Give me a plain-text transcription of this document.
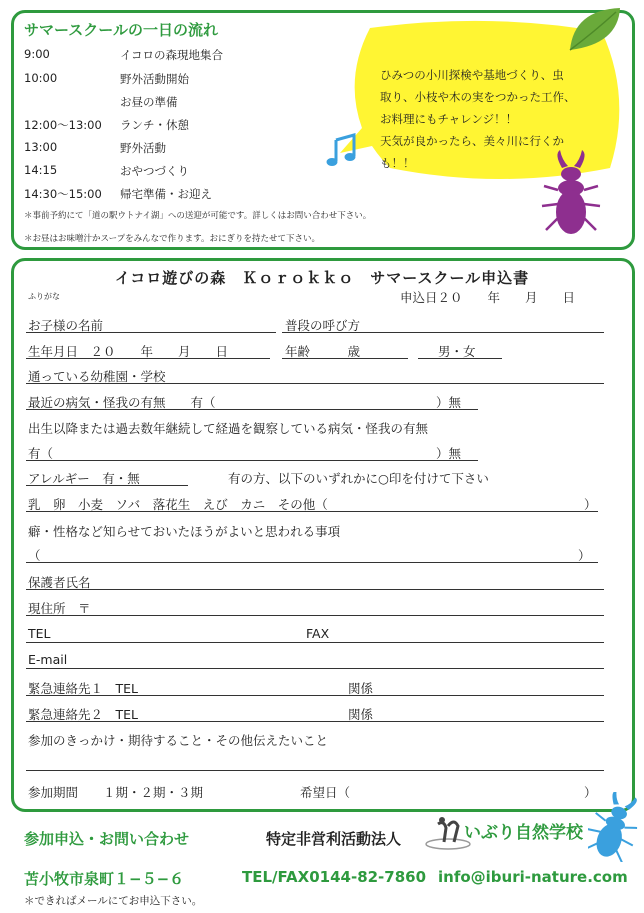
サマースクールの一日の流れ
9:00	イコロの森現地集合
10:00	野外活動開始
お昼の準備
12:00〜13:00 ランチ・休憩
13:00	野外活動
14:15	おやつづくり
14:30〜15:00 帰宅準備・お迎え
＊事前予約にて「道の駅ウトナイ湖」への送迎が可能です。詳しくはお問い合わせ下さい。
＊お昼はお味噌汁かスープをみんなで作ります。おにぎりを持たせて下さい。
ひみつの小川探検や基地づくり、虫
取り、小枝や木の実をつかった工作、
お料理にもチャレンジ！！
天気が良かったら、美々川に行くか
も！！
イコロ遊びの森　Ｋｏｒｏｋｋｏ　サマースクール申込書
ふりがな	申込日２０　　年　　月　　日
お子様の名前	普段の呼び方
生年月日　２０　　年　　月　　日	年齢　　　歳	男・女
通っている幼稚園・学校
最近の病気・怪我の有無　　有（	）無
出生以降または過去数年継続して経過を観察している病気・怪我の有無
有（	）無
アレルギー　有・無	有の方、以下のいずれかに○印を付けて下さい
乳　卵　小麦　ソバ　落花生　えび　カニ　その他（	）
癖・性格など知らせておいたほうがよいと思われる事項
（	）
保護者氏名
現住所　〒
TEL	FAX
E-mail
緊急連絡先１　TEL	関係
緊急連絡先２　TEL	関係
参加のきっかけ・期待すること・その他伝えたいこと
参加期間　　１期・２期・３期	希望日（	）
参加申込・お問い合わせ	特定非営利活動法人	いぶり自然学校
苫小牧市泉町１−５−６	TEL/FAX0144-82-7860 info@iburi-nature.com
＊できればメールにてお申込下さい。
